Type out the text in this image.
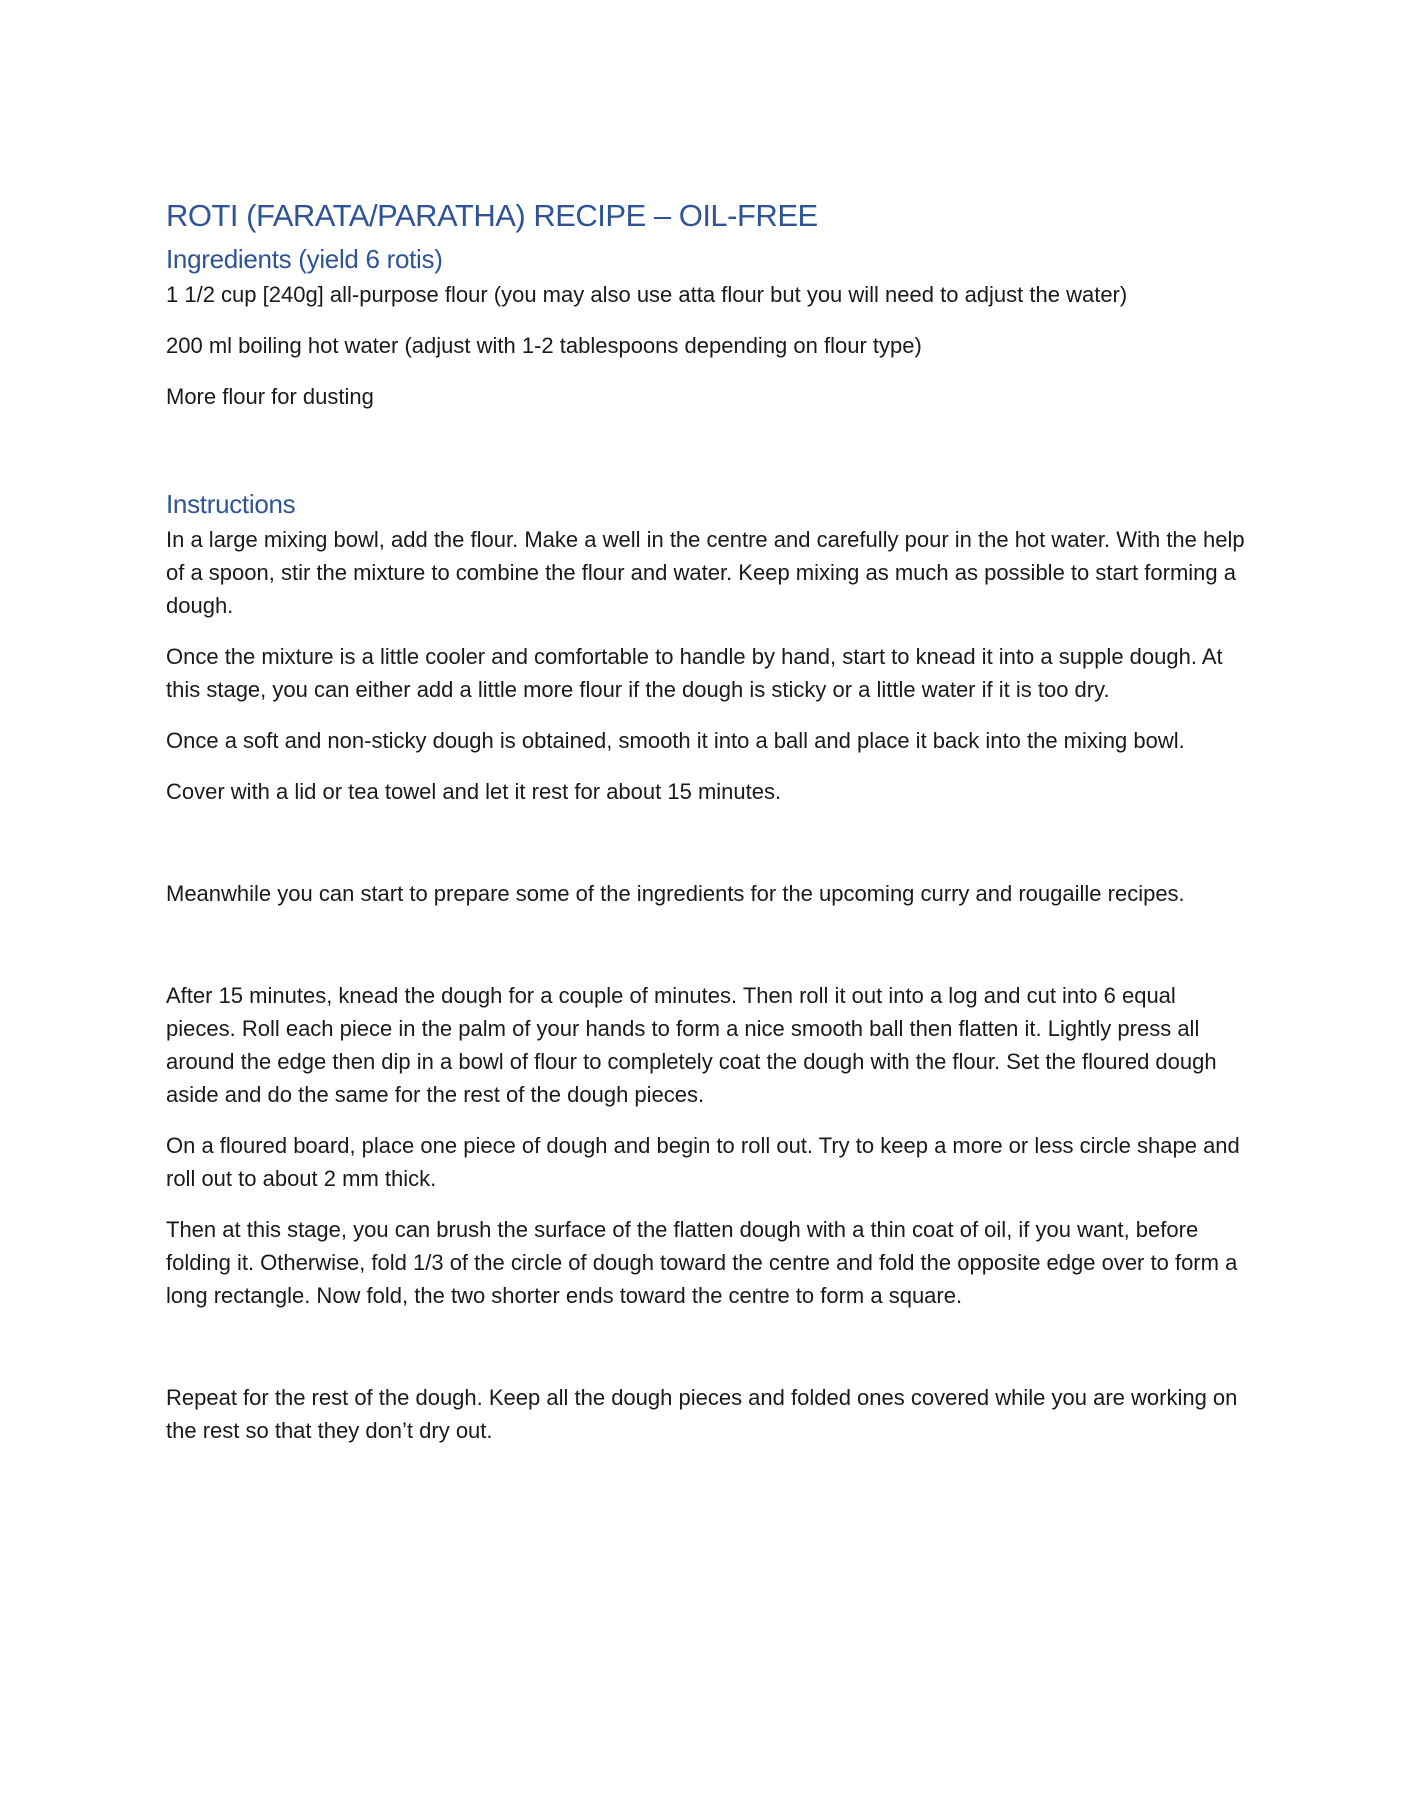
ROTI (FARATA/PARATHA) RECIPE – OIL-FREE
Ingredients (yield 6 rotis)

1 1/2 cup [240g] all-purpose flour (you may also use atta flour but you will need to adjust the water)

200 ml boiling hot water (adjust with 1-2 tablespoons depending on flour type)

More flour for dusting

Instructions

In a large mixing bowl, add the flour. Make a well in the centre and carefully pour in the hot water. With the help of a spoon, stir the mixture to combine the flour and water. Keep mixing as much as possible to start forming a dough.

Once the mixture is a little cooler and comfortable to handle by hand, start to knead it into a supple dough. At this stage, you can either add a little more flour if the dough is sticky or a little water if it is too dry.

Once a soft and non-sticky dough is obtained, smooth it into a ball and place it back into the mixing bowl.

Cover with a lid or tea towel and let it rest for about 15 minutes.

Meanwhile you can start to prepare some of the ingredients for the upcoming curry and rougaille recipes.

After 15 minutes, knead the dough for a couple of minutes. Then roll it out into a log and cut into 6 equal pieces. Roll each piece in the palm of your hands to form a nice smooth ball then flatten it. Lightly press all around the edge then dip in a bowl of flour to completely coat the dough with the flour. Set the floured dough aside and do the same for the rest of the dough pieces.

On a floured board, place one piece of dough and begin to roll out. Try to keep a more or less circle shape and roll out to about 2 mm thick.

Then at this stage, you can brush the surface of the flatten dough with a thin coat of oil, if you want, before folding it. Otherwise, fold 1/3 of the circle of dough toward the centre and fold the opposite edge over to form a long rectangle. Now fold, the two shorter ends toward the centre to form a square.

Repeat for the rest of the dough. Keep all the dough pieces and folded ones covered while you are working on the rest so that they don’t dry out.
